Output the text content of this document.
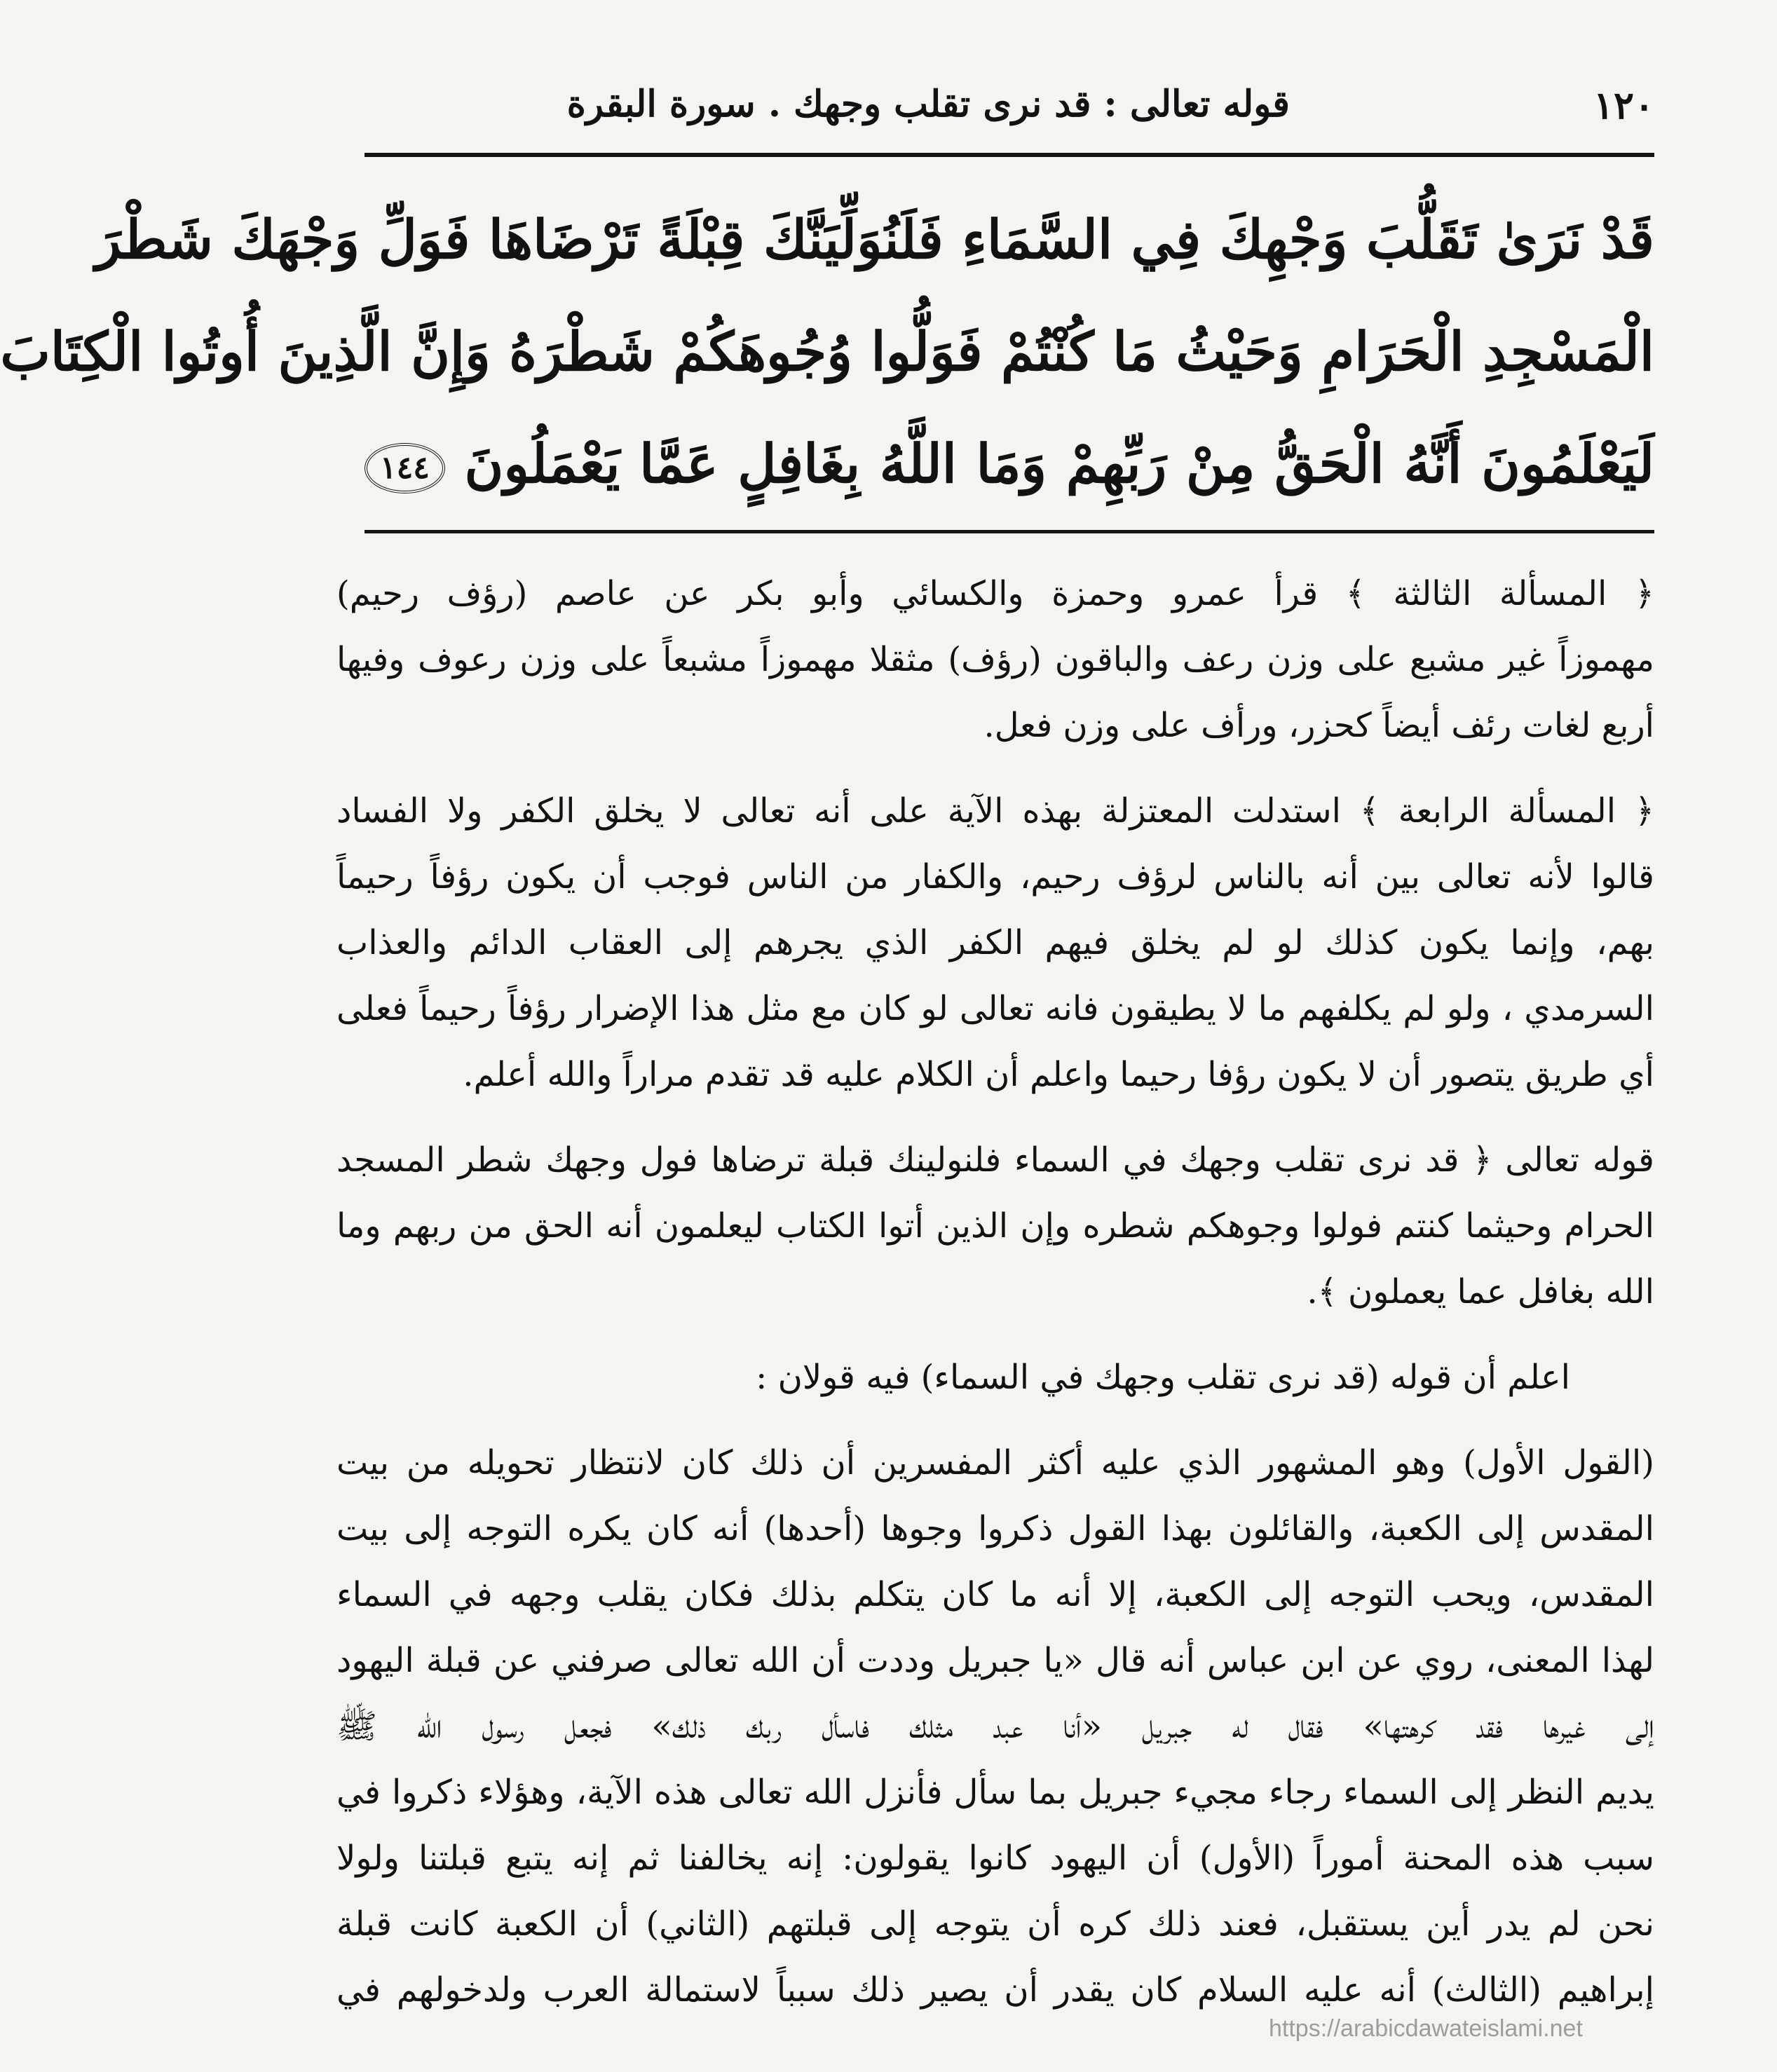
١٢٠
قوله تعالى : قد نرى تقلب وجهك . سورة البقرة
قَدْ نَرَىٰ تَقَلُّبَ وَجْهِكَ فِي السَّمَاءِ فَلَنُوَلِّيَنَّكَ قِبْلَةً تَرْضَاهَا فَوَلِّ وَجْهَكَ شَطْرَ
الْمَسْجِدِ الْحَرَامِ وَحَيْثُ مَا كُنْتُمْ فَوَلُّوا وُجُوهَكُمْ شَطْرَهُ وَإِنَّ الَّذِينَ أُوتُوا الْكِتَابَ
لَيَعْلَمُونَ أَنَّهُ الْحَقُّ مِنْ رَبِّهِمْ وَمَا اللَّهُ بِغَافِلٍ عَمَّا يَعْمَلُونَ ١٤٤
﴿ المسألة الثالثة ﴾ قرأ عمرو وحمزة والكسائي وأبو بكر عن عاصم (رؤف رحيم)
مهموزاً غير مشبع على وزن رعف والباقون (رؤف) مثقلا مهموزاً مشبعاً على وزن رعوف وفيها
أربع لغات رئف أيضاً كحزر، ورأف على وزن فعل.
﴿ المسألة الرابعة ﴾ استدلت المعتزلة بهذه الآية على أنه تعالى لا يخلق الكفر ولا الفساد
قالوا لأنه تعالى بين أنه بالناس لرؤف رحيم، والكفار من الناس فوجب أن يكون رؤفاً رحيماً
بهم، وإنما يكون كذلك لو لم يخلق فيهم الكفر الذي يجرهم إلى العقاب الدائم والعذاب
السرمدي ، ولو لم يكلفهم ما لا يطيقون فانه تعالى لو كان مع مثل هذا الإضرار رؤفاً رحيماً فعلى
أي طريق يتصور أن لا يكون رؤفا رحيما واعلم أن الكلام عليه قد تقدم مراراً والله أعلم.
قوله تعالى ﴿ قد نرى تقلب وجهك في السماء فلنولينك قبلة ترضاها فول وجهك شطر المسجد
الحرام وحيثما كنتم فولوا وجوهكم شطره وإن الذين أتوا الكتاب ليعلمون أنه الحق من ربهم وما
الله بغافل عما يعملون ﴾.
اعلم أن قوله (قد نرى تقلب وجهك في السماء) فيه قولان :
(القول الأول) وهو المشهور الذي عليه أكثر المفسرين أن ذلك كان لانتظار تحويله من بيت
المقدس إلى الكعبة، والقائلون بهذا القول ذكروا وجوها (أحدها) أنه كان يكره التوجه إلى بيت
المقدس، ويحب التوجه إلى الكعبة، إلا أنه ما كان يتكلم بذلك فكان يقلب وجهه في السماء
لهذا المعنى، روي عن ابن عباس أنه قال «يا جبريل وددت أن الله تعالى صرفني عن قبلة اليهود
إلى غيرها فقد كرهتها» فقال له جبريل «أنا عبد مثلك فاسأل ربك ذلك» فجعل رسول الله ﷺ
يديم النظر إلى السماء رجاء مجيء جبريل بما سأل فأنزل الله تعالى هذه الآية، وهؤلاء ذكروا في
سبب هذه المحنة أموراً (الأول) أن اليهود كانوا يقولون: إنه يخالفنا ثم إنه يتبع قبلتنا ولولا
نحن لم يدر أين يستقبل، فعند ذلك كره أن يتوجه إلى قبلتهم (الثاني) أن الكعبة كانت قبلة
إبراهيم (الثالث) أنه عليه السلام كان يقدر أن يصير ذلك سبباً لاستمالة العرب ولدخولهم في
https://arabicdawateislami.net
